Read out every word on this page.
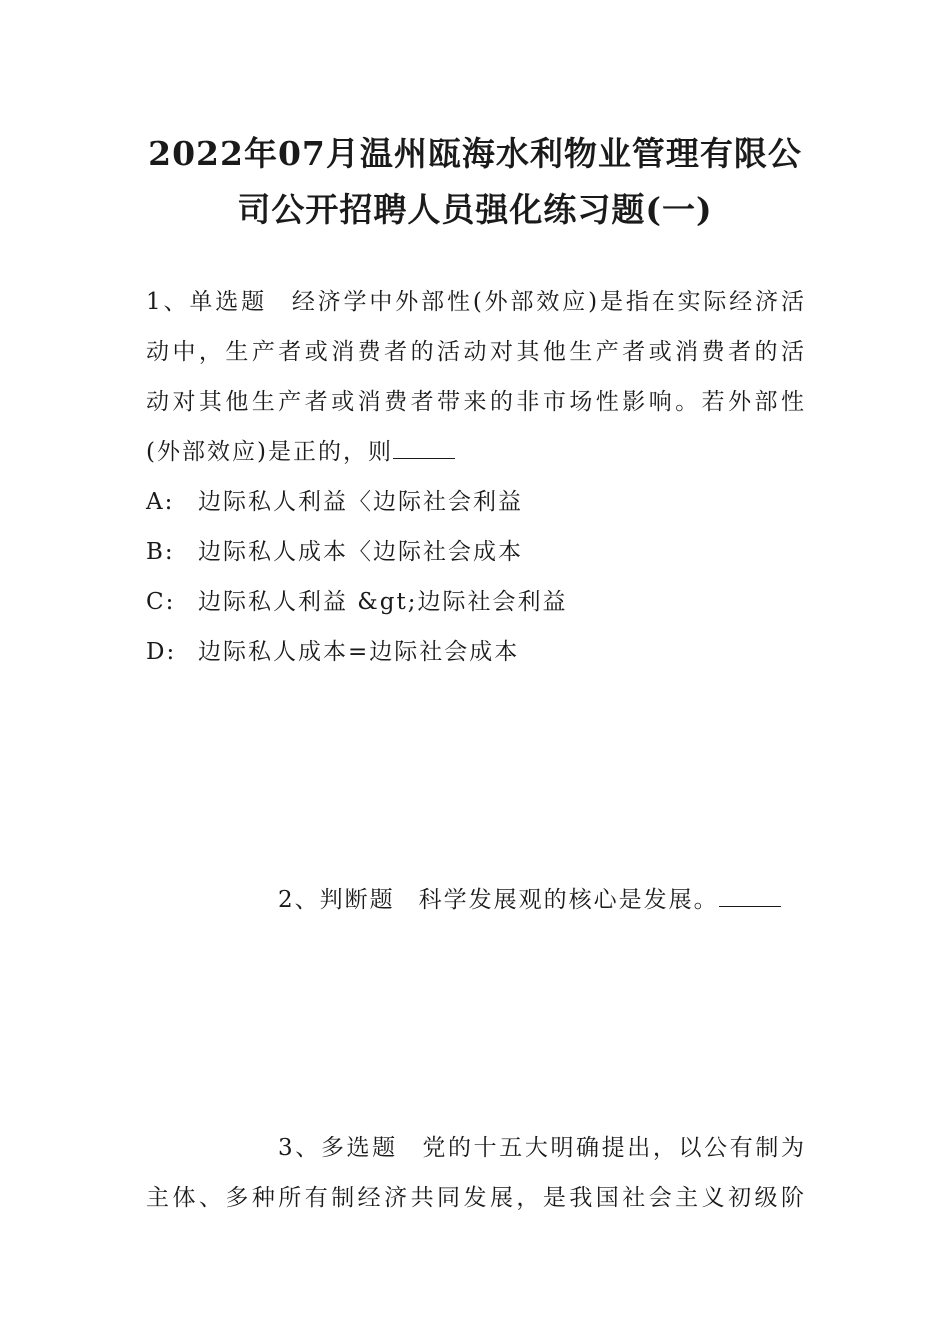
2022年07月温州瓯海水利物业管理有限公
司公开招聘人员强化练习题(一)
1、单选题 经济学中外部性(外部效应)是指在实际经济活
动中，生产者或消费者的活动对其他生产者或消费者的活
动对其他生产者或消费者带来的非市场性影响。若外部性
(外部效应)是正的，则
A: 边际私人利益〈边际社会利益
B: 边际私人成本〈边际社会成本
C: 边际私人利益 &gt;边际社会利益
D: 边际私人成本=边际社会成本
2、判断题 科学发展观的核心是发展。
3、多选题 党的十五大明确提出，以公有制为
主体、多种所有制经济共同发展，是我国社会主义初级阶
